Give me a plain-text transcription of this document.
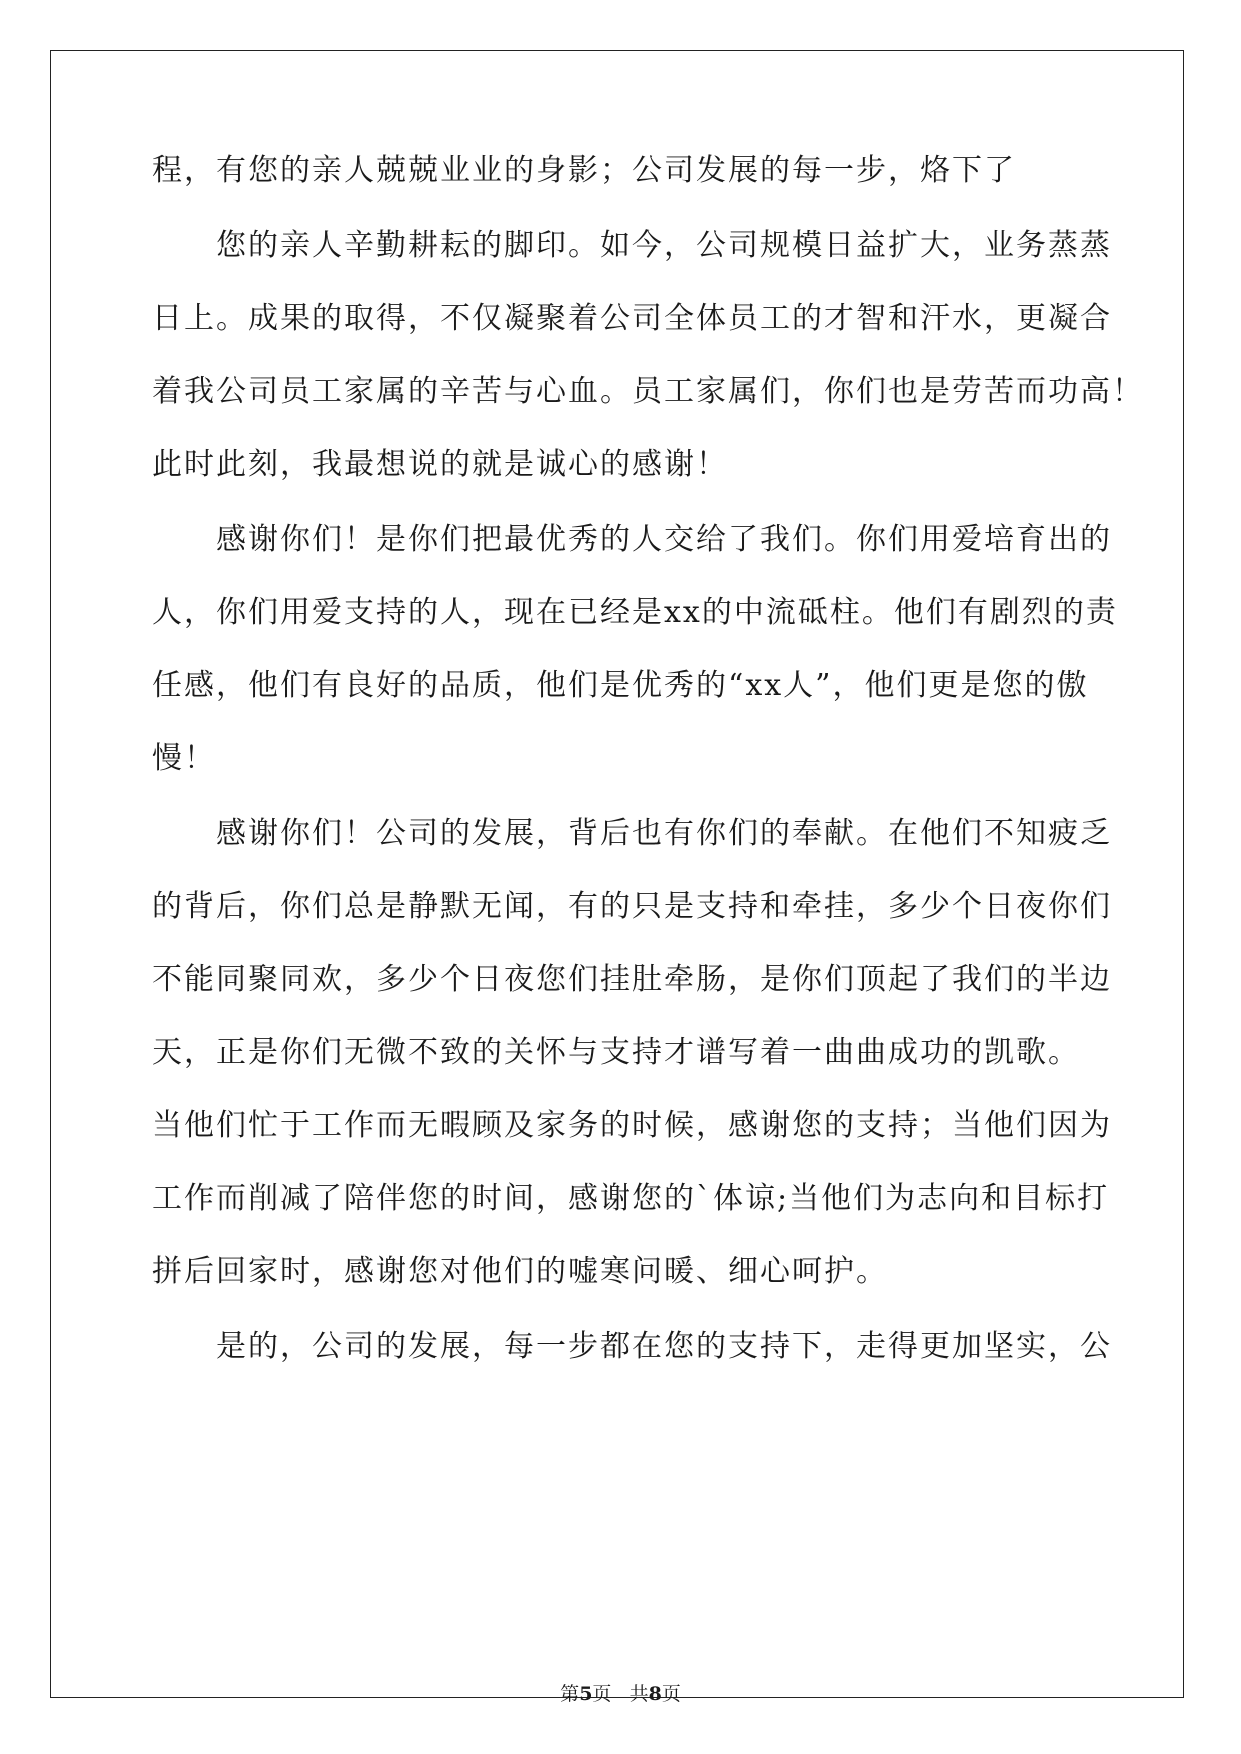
程，有您的亲人兢兢业业的身影；公司发展的每一步，烙下了

　　您的亲人辛勤耕耘的脚印。如今，公司规模日益扩大，业务蒸蒸

日上。成果的取得，不仅凝聚着公司全体员工的才智和汗水，更凝合

着我公司员工家属的辛苦与心血。员工家属们，你们也是劳苦而功高！

此时此刻，我最想说的就是诚心的感谢！

　　感谢你们！是你们把最优秀的人交给了我们。你们用爱培育出的

人，你们用爱支持的人，现在已经是xx的中流砥柱。他们有剧烈的责

任感，他们有良好的品质，他们是优秀的“xx人”，他们更是您的傲

慢！

　　感谢你们！公司的发展，背后也有你们的奉献。在他们不知疲乏

的背后，你们总是静默无闻，有的只是支持和牵挂，多少个日夜你们

不能同聚同欢，多少个日夜您们挂肚牵肠，是你们顶起了我们的半边

天，正是你们无微不致的关怀与支持才谱写着一曲曲成功的凯歌。

当他们忙于工作而无暇顾及家务的时候，感谢您的支持；当他们因为

工作而削减了陪伴您的时间，感谢您的`体谅;当他们为志向和目标打

拼后回家时，感谢您对他们的嘘寒问暖、细心呵护。

　　是的，公司的发展，每一步都在您的支持下，走得更加坚实，公

第5页 共8页
